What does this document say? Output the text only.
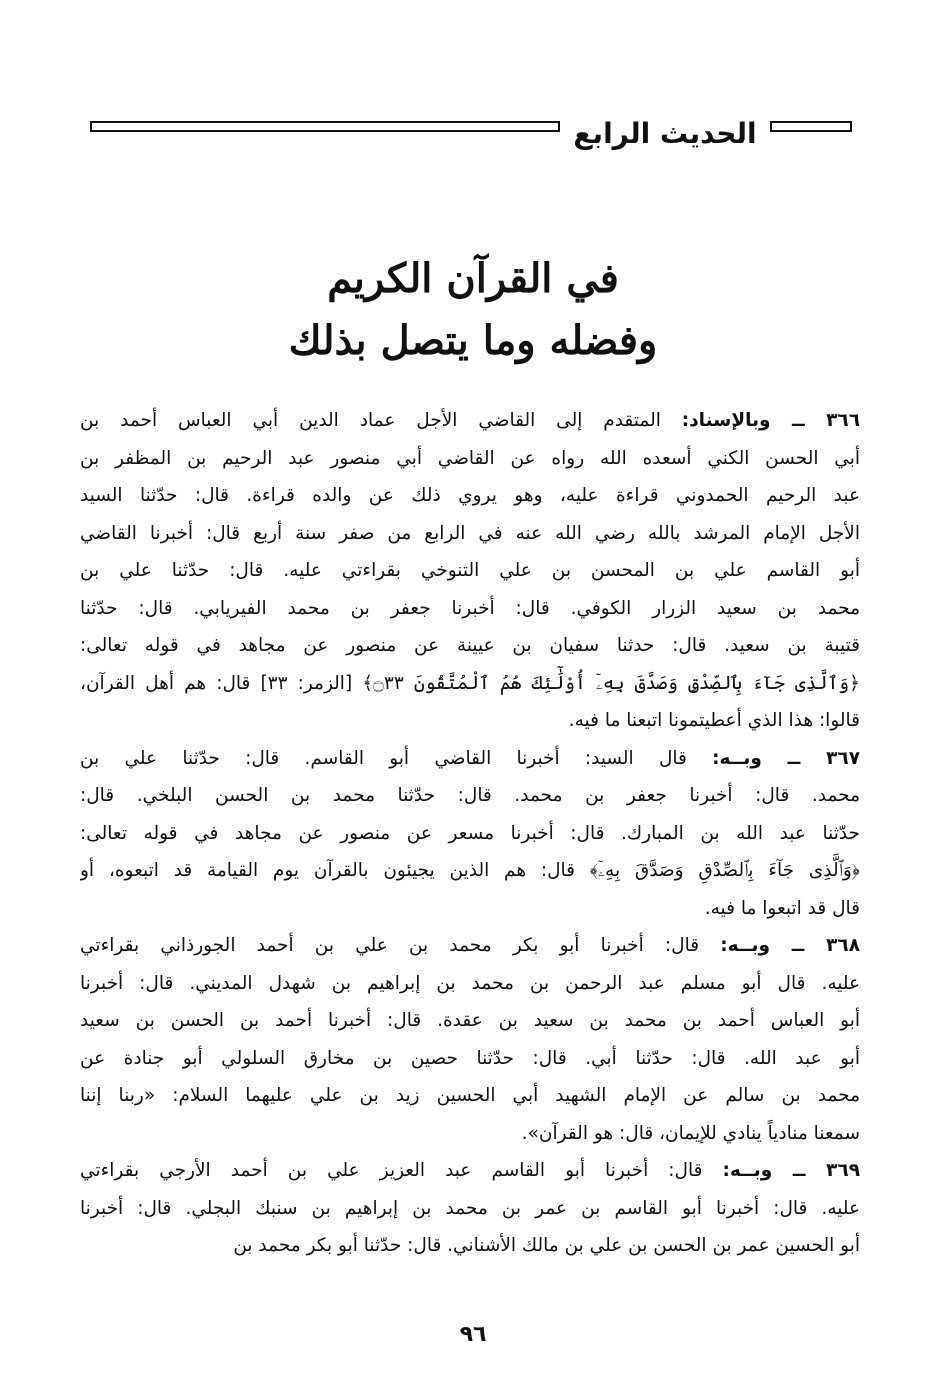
الحديث الرابع
في القرآن الكريم
وفضله وما يتصل بذلك
٣٦٦ ــ وبالإسناد: المتقدم إلى القاضي الأجل عماد الدين أبي العباس أحمد بن
أبي الحسن الكني أسعده الله رواه عن القاضي أبي منصور عبد الرحيم بن المظفر بن
عبد الرحيم الحمدوني قراءة عليه، وهو يروي ذلك عن والده قراءة. قال: حدّثنا السيد
الأجل الإمام المرشد بالله رضي الله عنه في الرابع من صفر سنة أربع قال: أخبرنا القاضي
أبو القاسم علي بن المحسن بن علي التنوخي بقراءتي عليه. قال: حدّثنا علي بن
محمد بن سعيد الزرار الكوفي. قال: أخبرنا جعفر بن محمد الفيريابي. قال: حدّثنا
قتيبة بن سعيد. قال: حدثنا سفيان بن عيينة عن منصور عن مجاهد في قوله تعالى:
﴿وَٱلَّذِى جَآءَ بِٱلصِّدْقِ وَصَدَّقَ بِهِۦٓ أُوْلَٰٓئِكَ هُمُ ٱلْمُتَّقُونَ ۝٣٣﴾ [الزمر: ٣٣] قال: هم أهل القرآن،
قالوا: هذا الذي أعطيتمونا اتبعنا ما فيه.
٣٦٧ ــ وبــه: قال السيد: أخبرنا القاضي أبو القاسم. قال: حدّثنا علي بن
محمد. قال: أخبرنا جعفر بن محمد. قال: حدّثنا محمد بن الحسن البلخي. قال:
حدّثنا عبد الله بن المبارك. قال: أخبرنا مسعر عن منصور عن مجاهد في قوله تعالى:
﴿وَٱلَّذِى جَآءَ بِٱلصِّدْقِ وَصَدَّقَ بِهِۦٓ﴾ قال: هم الذين يجيئون بالقرآن يوم القيامة قد اتبعوه، أو
قال قد اتبعوا ما فيه.
٣٦٨ ــ وبــه: قال: أخبرنا أبو بكر محمد بن علي بن أحمد الجورذاني بقراءتي
عليه. قال أبو مسلم عبد الرحمن بن محمد بن إبراهيم بن شهدل المديني. قال: أخبرنا
أبو العباس أحمد بن محمد بن سعيد بن عقدة. قال: أخبرنا أحمد بن الحسن بن سعيد
أبو عبد الله. قال: حدّثنا أبي. قال: حدّثنا حصين بن مخارق السلولي أبو جنادة عن
محمد بن سالم عن الإمام الشهيد أبي الحسين زيد بن علي عليهما السلام: «ربنا إننا
سمعنا منادياً ينادي للإيمان، قال: هو القرآن».
٣٦٩ ــ وبــه: قال: أخبرنا أبو القاسم عبد العزيز علي بن أحمد الأرجي بقراءتي
عليه. قال: أخبرنا أبو القاسم بن عمر بن محمد بن إبراهيم بن سنبك البجلي. قال: أخبرنا
أبو الحسين عمر بن الحسن بن علي بن مالك الأشناني. قال: حدّثنا أبو بكر محمد بن
٩٦
